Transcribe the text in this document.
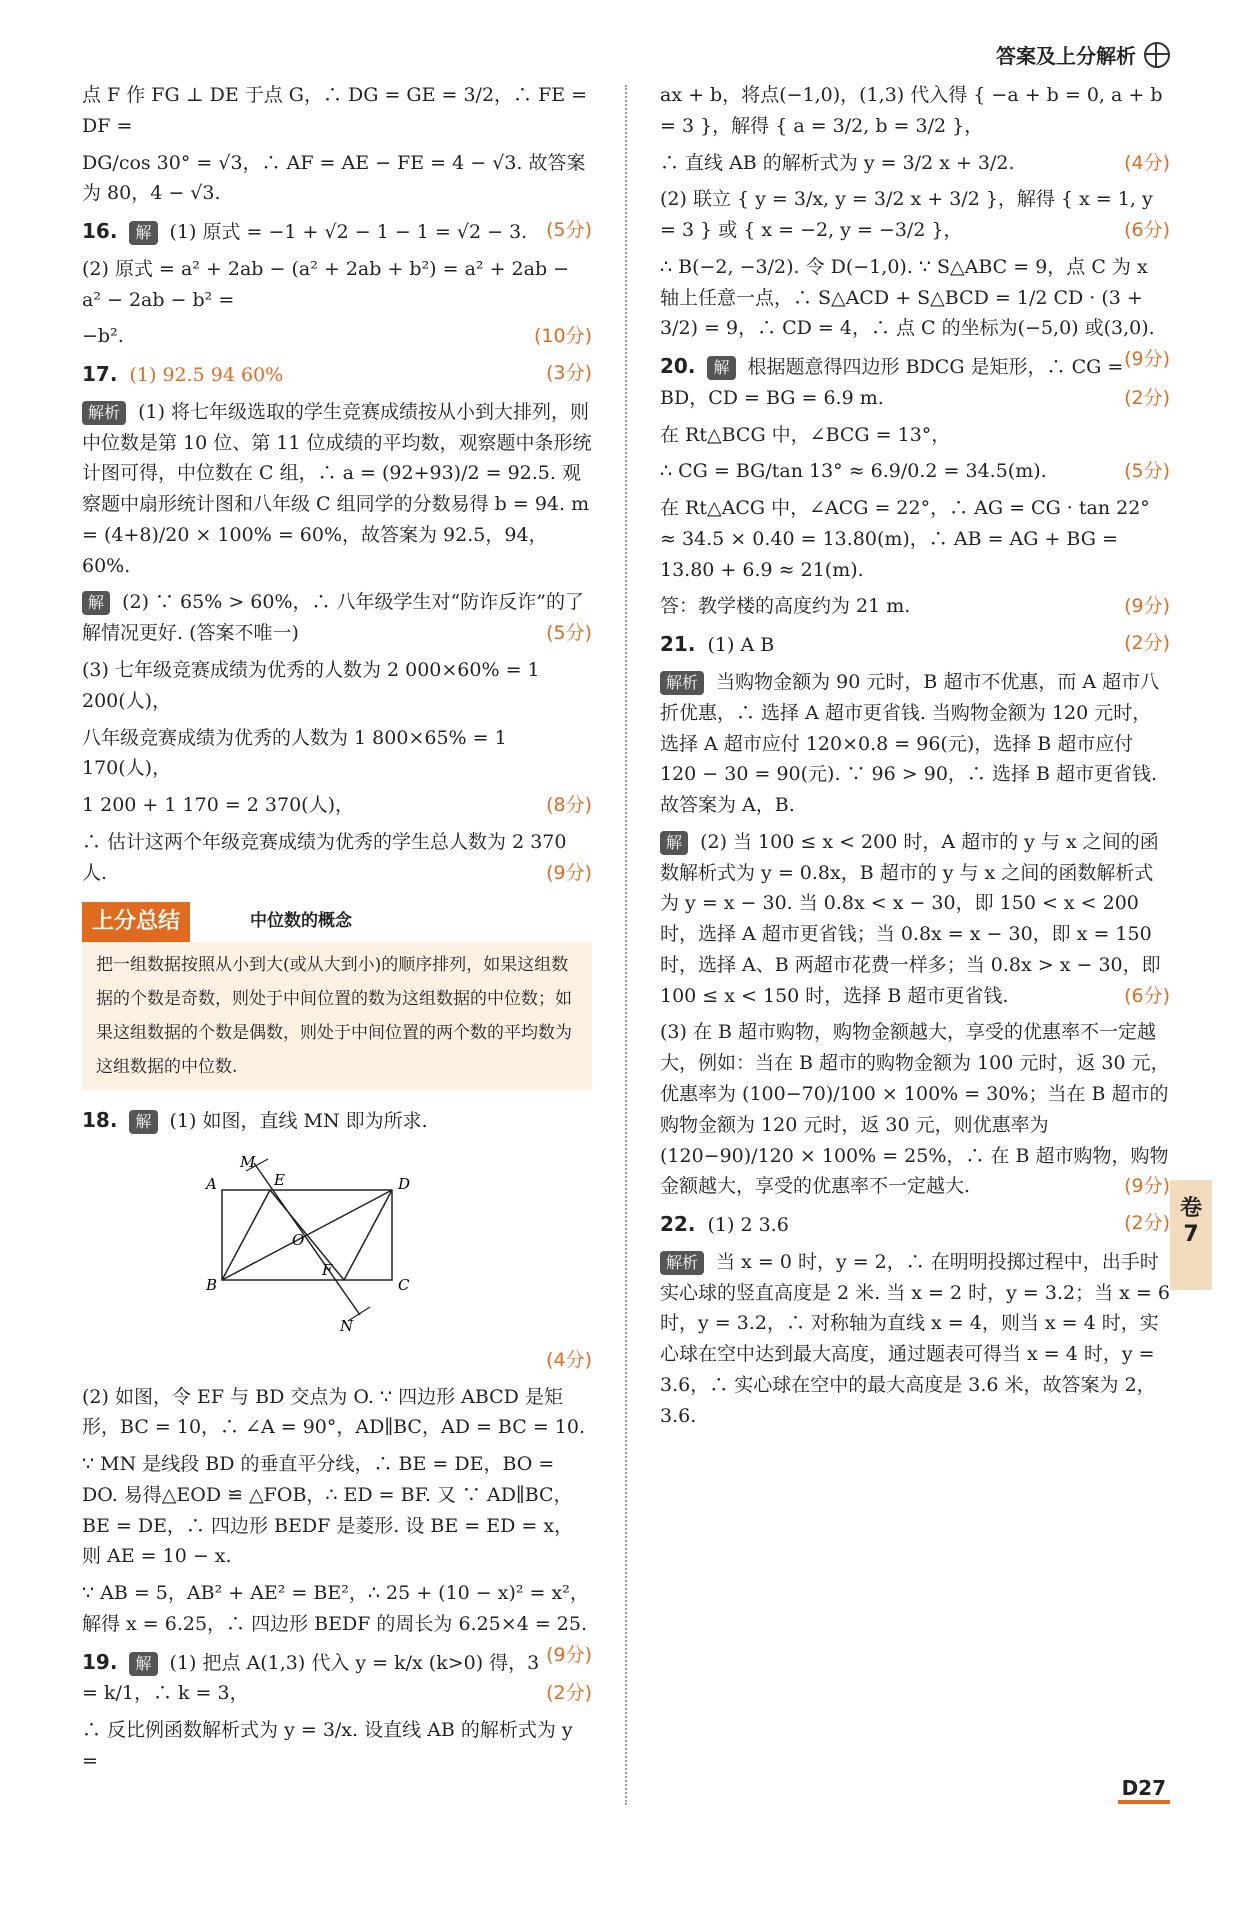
答案及上分解析

点 F 作 FG ⊥ DE 于点 G，∴ DG = GE = 3/2，∴ FE = DF =

DG/cos 30° = √3，∴ AF = AE − FE = 4 − √3. 故答案为 80，4 − √3.

16. 解 (1) 原式 = −1 + √2 − 1 − 1 = √2 − 3. (5分)

(2) 原式 = a² + 2ab − (a² + 2ab + b²) = a² + 2ab − a² − 2ab − b² =

−b².	(10分)

17. (1) 92.5 94 60%	(3分)

解析 (1) 将七年级选取的学生竞赛成绩按从小到大排列，则中位数是第 10 位、第 11 位成绩的平均数，观察题中条形统计图可得，中位数在 C 组，∴ a = (92+93)/2 = 92.5. 观察题中扇形统计图和八年级 C 组同学的分数易得 b = 94. m = (4+8)/20 × 100% = 60%，故答案为 92.5，94，60%.

解 (2) ∵ 65% > 60%，∴ 八年级学生对“防诈反诈”的了解情况更好. (答案不唯一)	(5分)

(3) 七年级竞赛成绩为优秀的人数为 2 000×60% = 1 200(人)，

八年级竞赛成绩为优秀的人数为 1 800×65% = 1 170(人)，

1 200 + 1 170 = 2 370(人)，	(8分)

∴ 估计这两个年级竞赛成绩为优秀的学生总人数为 2 370 人.	(9分)

上分总结	中位数的概念
把一组数据按照从小到大(或从大到小)的顺序排列，如果这组数据的个数是奇数，则处于中间位置的数为这组数据的中位数；如果这组数据的个数是偶数，则处于中间位置的两个数的平均数为这组数据的中位数.

18. 解 (1) 如图，直线 MN 即为所求.

A
B	C
D
E
F
O
M
N

(4分)

(2) 如图，令 EF 与 BD 交点为 O. ∵ 四边形 ABCD 是矩形，BC = 10，∴ ∠A = 90°，AD∥BC，AD = BC = 10.

∵ MN 是线段 BD 的垂直平分线，∴ BE = DE，BO = DO. 易得△EOD ≌ △FOB，∴ ED = BF. 又 ∵ AD∥BC，BE = DE，∴ 四边形 BEDF 是菱形. 设 BE = ED = x，则 AE = 10 − x.

∵ AB = 5，AB² + AE² = BE²，∴ 25 + (10 − x)² = x²，解得 x = 6.25，∴ 四边形 BEDF 的周长为 6.25×4 = 25.
(9分)

19. 解 (1) 把点 A(1,3) 代入 y = k/x (k>0) 得，3 = k/1，∴ k = 3，	(2分)

∴ 反比例函数解析式为 y = 3/x. 设直线 AB 的解析式为 y =

ax + b，将点(−1,0)，(1,3) 代入得 { −a + b = 0, a + b = 3 }，解得 { a = 3/2, b = 3/2 }，

∴ 直线 AB 的解析式为 y = 3/2 x + 3/2.	(4分)

(2) 联立 { y = 3/x, y = 3/2 x + 3/2 }，解得 { x = 1, y = 3 } 或 { x = −2, y = −3/2 }，	(6分)

∴ B(−2, −3/2). 令 D(−1,0). ∵ S△ABC = 9，点 C 为 x 轴上任意一点，∴ S△ACD + S△BCD = 1/2 CD · (3 + 3/2) = 9，∴ CD = 4，∴ 点 C 的坐标为(−5,0) 或(3,0).
(9分)

20. 解 根据题意得四边形 BDCG 是矩形，∴ CG = BD，CD = BG = 6.9 m.	(2分)

在 Rt△BCG 中，∠BCG = 13°，

∴ CG = BG/tan 13° ≈ 6.9/0.2 = 34.5(m).	(5分)

在 Rt△ACG 中，∠ACG = 22°，∴ AG = CG · tan 22° ≈ 34.5 × 0.40 = 13.80(m)，∴ AB = AG + BG = 13.80 + 6.9 ≈ 21(m).

答：教学楼的高度约为 21 m.	(9分)

21. (1) A B	(2分)

解析 当购物金额为 90 元时，B 超市不优惠，而 A 超市八折优惠，∴ 选择 A 超市更省钱. 当购物金额为 120 元时，选择 A 超市应付 120×0.8 = 96(元)，选择 B 超市应付 120 − 30 = 90(元). ∵ 96 > 90，∴ 选择 B 超市更省钱. 故答案为 A，B.

解 (2) 当 100 ≤ x < 200 时，A 超市的 y 与 x 之间的函数解析式为 y = 0.8x，B 超市的 y 与 x 之间的函数解析式为 y = x − 30. 当 0.8x < x − 30，即 150 < x < 200 时，选择 A 超市更省钱；当 0.8x = x − 30，即 x = 150 时，选择 A、B 两超市花费一样多；当 0.8x > x − 30，即 100 ≤ x < 150 时，选择 B 超市更省钱.	(6分)

(3) 在 B 超市购物，购物金额越大，享受的优惠率不一定越大，例如：当在 B 超市的购物金额为 100 元时，返 30 元，优惠率为 (100−70)/100 × 100% = 30%；当在 B 超市的购物金额为 120 元时，返 30 元，则优惠率为 (120−90)/120 × 100% = 25%，∴ 在 B 超市购物，购物金额越大，享受的优惠率不一定越大.	(9分)

22. (1) 2 3.6	(2分)

解析 当 x = 0 时，y = 2，∴ 在明明投掷过程中，出手时实心球的竖直高度是 2 米. 当 x = 2 时，y = 3.2；当 x = 6 时，y = 3.2，∴ 对称轴为直线 x = 4，则当 x = 4 时，实心球在空中达到最大高度，通过题表可得当 x = 4 时，y = 3.6，∴ 实心球在空中的最大高度是 3.6 米，故答案为 2，3.6.

卷
7
D27
